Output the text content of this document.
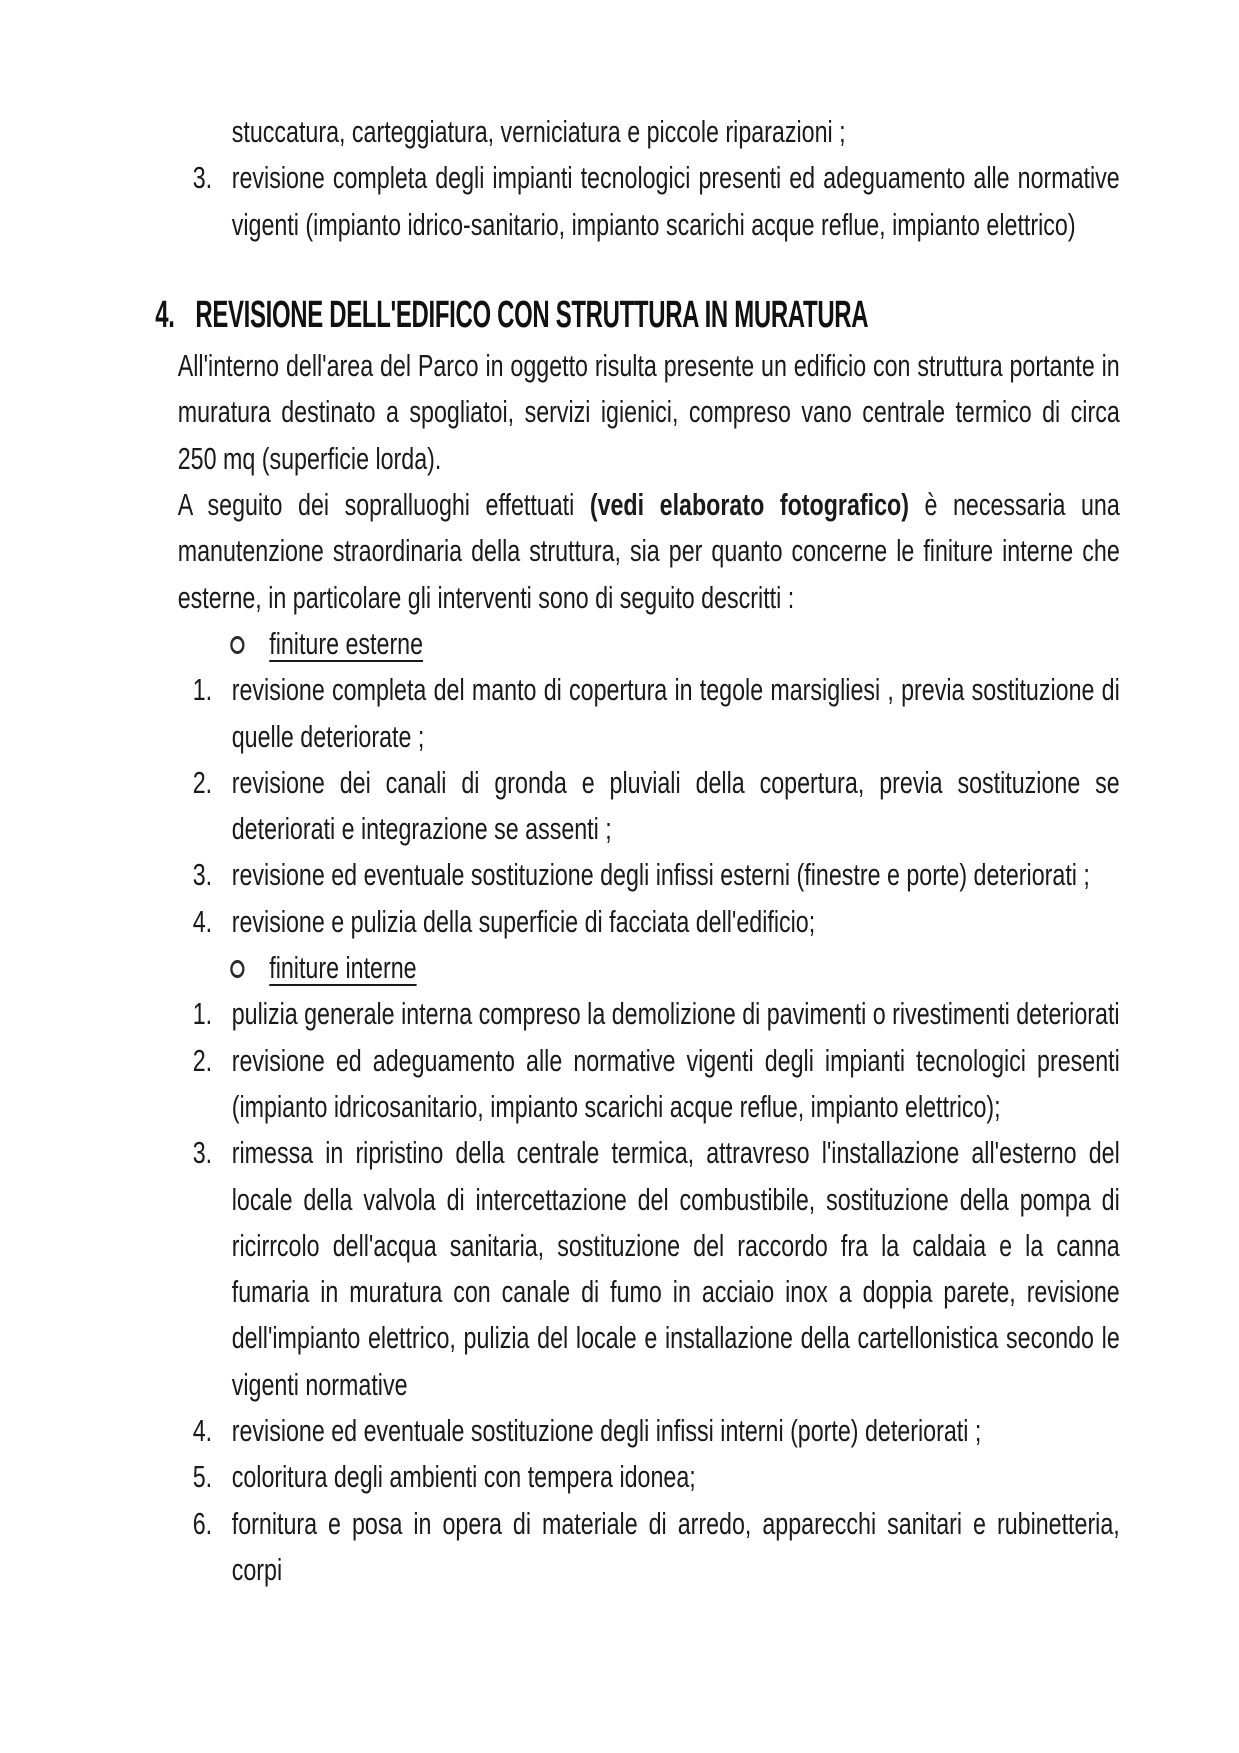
stuccatura, carteggiatura, verniciatura e piccole riparazioni ;
3. revisione completa degli impianti tecnologici presenti ed adeguamento alle normative vigenti (impianto idrico-sanitario, impianto scarichi acque reflue, impianto elettrico)
4. REVISIONE DELL'EDIFICO CON STRUTTURA IN MURATURA
All'interno dell'area del Parco in oggetto risulta presente un edificio con struttura portante in muratura destinato a spogliatoi, servizi igienici, compreso vano centrale termico di circa 250 mq (superficie lorda).
A seguito dei sopralluoghi effettuati (vedi elaborato fotografico) è necessaria una manutenzione straordinaria della struttura, sia per quanto concerne le finiture interne che esterne, in particolare gli interventi sono di seguito descritti :
finiture esterne
1. revisione completa del manto di copertura in tegole marsigliesi , previa sostituzione di quelle deteriorate ;
2. revisione dei canali di gronda e pluviali della copertura, previa sostituzione se deteriorati e integrazione se assenti ;
3. revisione ed eventuale sostituzione degli infissi esterni (finestre e porte) deteriorati ;
4. revisione e pulizia della superficie di facciata dell'edificio;
finiture interne
1. pulizia generale interna compreso la demolizione di pavimenti o rivestimenti deteriorati
2. revisione ed adeguamento alle normative vigenti degli impianti tecnologici presenti (impianto idricosanitario, impianto scarichi acque reflue, impianto elettrico);
3. rimessa in ripristino della centrale termica, attravreso l'installazione all'esterno del locale della valvola di intercettazione del combustibile, sostituzione della pompa di ricirrcolo dell'acqua sanitaria, sostituzione del raccordo fra la caldaia e la canna fumaria in muratura con canale di fumo in acciaio inox a doppia parete, revisione dell'impianto elettrico, pulizia del locale e installazione della cartellonistica secondo le vigenti normative
4. revisione ed eventuale sostituzione degli infissi interni (porte) deteriorati ;
5. coloritura degli ambienti con tempera idonea;
6. fornitura e posa in opera di materiale di arredo, apparecchi sanitari e rubinetteria, corpi
